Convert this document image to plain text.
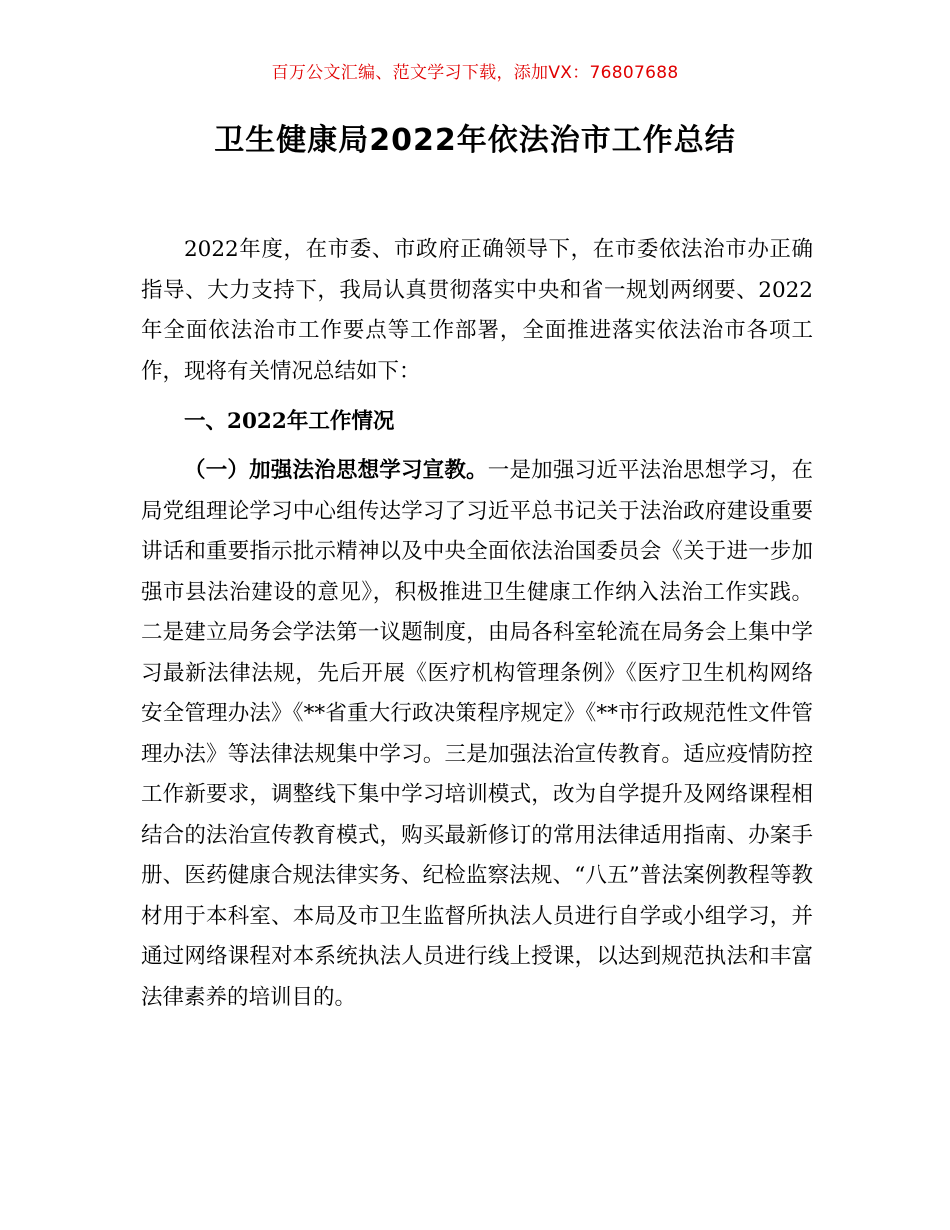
百万公文汇编、范文学习下载，添加VX：76807688
卫生健康局2022年依法治市工作总结

2022年度，在市委、市政府正确领导下，在市委依法治市办正确指导、大力支持下，我局认真贯彻落实中央和省一规划两纲要、2022年全面依法治市工作要点等工作部署，全面推进落实依法治市各项工作，现将有关情况总结如下：

一、2022年工作情况

（一）加强法治思想学习宣教。一是加强习近平法治思想学习，在局党组理论学习中心组传达学习了习近平总书记关于法治政府建设重要讲话和重要指示批示精神以及中央全面依法治国委员会《关于进一步加强市县法治建设的意见》，积极推进卫生健康工作纳入法治工作实践。二是建立局务会学法第一议题制度，由局各科室轮流在局务会上集中学习最新法律法规，先后开展《医疗机构管理条例》《医疗卫生机构网络安全管理办法》《**省重大行政决策程序规定》《**市行政规范性文件管理办法》等法律法规集中学习。三是加强法治宣传教育。适应疫情防控工作新要求，调整线下集中学习培训模式，改为自学提升及网络课程相结合的法治宣传教育模式，购买最新修订的常用法律适用指南、办案手册、医药健康合规法律实务、纪检监察法规、“八五”普法案例教程等教材用于本科室、本局及市卫生监督所执法人员进行自学或小组学习，并通过网络课程对本系统执法人员进行线上授课，以达到规范执法和丰富法律素养的培训目的。
